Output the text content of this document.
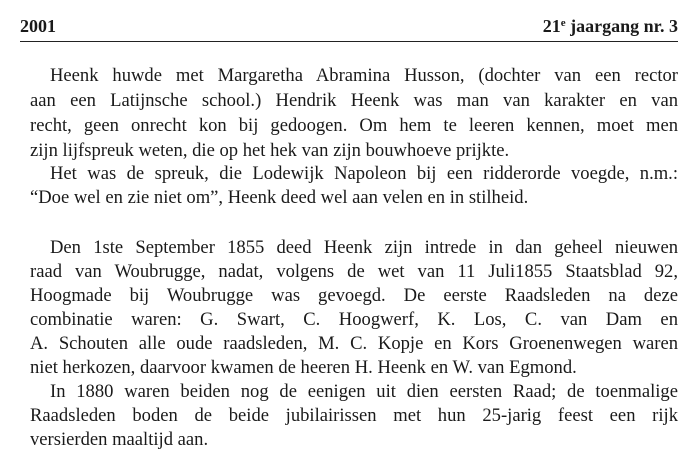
2001	21e jaargang nr. 3
Heenk huwde met Margaretha Abramina Husson, (dochter van een rector
aan een Latijnsche school.) Hendrik Heenk was man van karakter en van
recht, geen onrecht kon bij gedoogen. Om hem te leeren kennen, moet men
zijn lijfspreuk weten, die op het hek van zijn bouwhoeve prijkte.
Het was de spreuk, die Lodewijk Napoleon bij een ridderorde voegde, n.m.:
“Doe wel en zie niet om”, Heenk deed wel aan velen en in stilheid.
Den 1ste September 1855 deed Heenk zijn intrede in dan geheel nieuwen
raad van Woubrugge, nadat, volgens de wet van 11 Juli1855 Staatsblad 92,
Hoogmade bij Woubrugge was gevoegd. De eerste Raadsleden na deze
combinatie waren: G. Swart, C. Hoogwerf, K. Los, C. van Dam en
A. Schouten alle oude raadsleden, M. C. Kopje en Kors Groenenwegen waren
niet herkozen, daarvoor kwamen de heeren H. Heenk en W. van Egmond.
In 1880 waren beiden nog de eenigen uit dien eersten Raad; de toenmalige
Raadsleden boden de beide jubilairissen met hun 25-jarig feest een rijk
versierden maaltijd aan.
